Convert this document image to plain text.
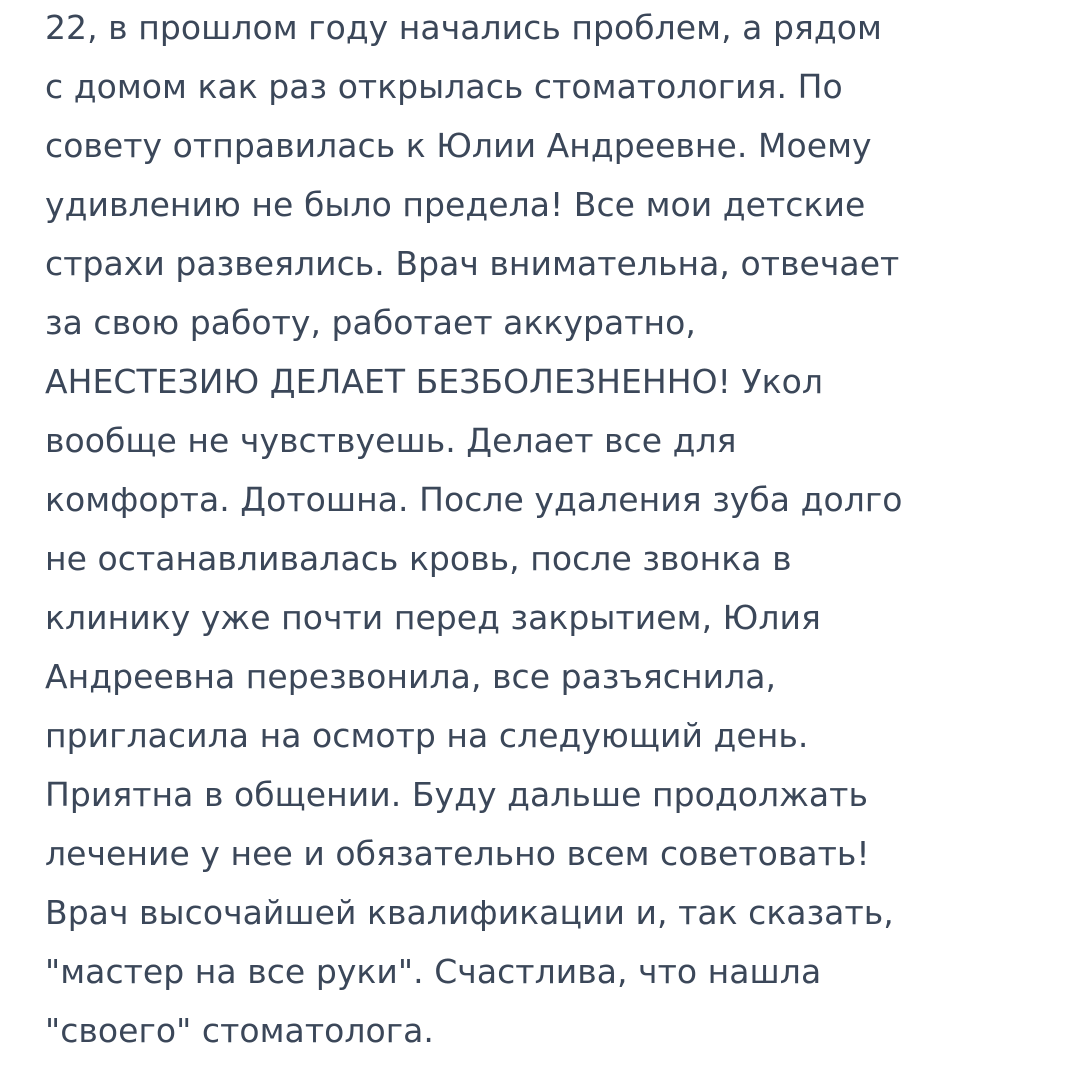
22, в прошлом году начались проблем, а рядом
с домом как раз открылась стоматология. По
совету отправилась к Юлии Андреевне. Моему
удивлению не было предела! Все мои детские
страхи развеялись. Врач внимательна, отвечает
за свою работу, работает аккуратно,
АНЕСТЕЗИЮ ДЕЛАЕТ БЕЗБОЛЕЗНЕННО! Укол
вообще не чувствуешь. Делает все для
комфорта. Дотошна. После удаления зуба долго
не останавливалась кровь, после звонка в
клинику уже почти перед закрытием, Юлия
Андреевна перезвонила, все разъяснила,
пригласила на осмотр на следующий день.
Приятна в общении. Буду дальше продолжать
лечение у нее и обязательно всем советовать!
Врач высочайшей квалификации и, так сказать,
"мастер на все руки". Счастлива, что нашла
"своего" стоматолога.
